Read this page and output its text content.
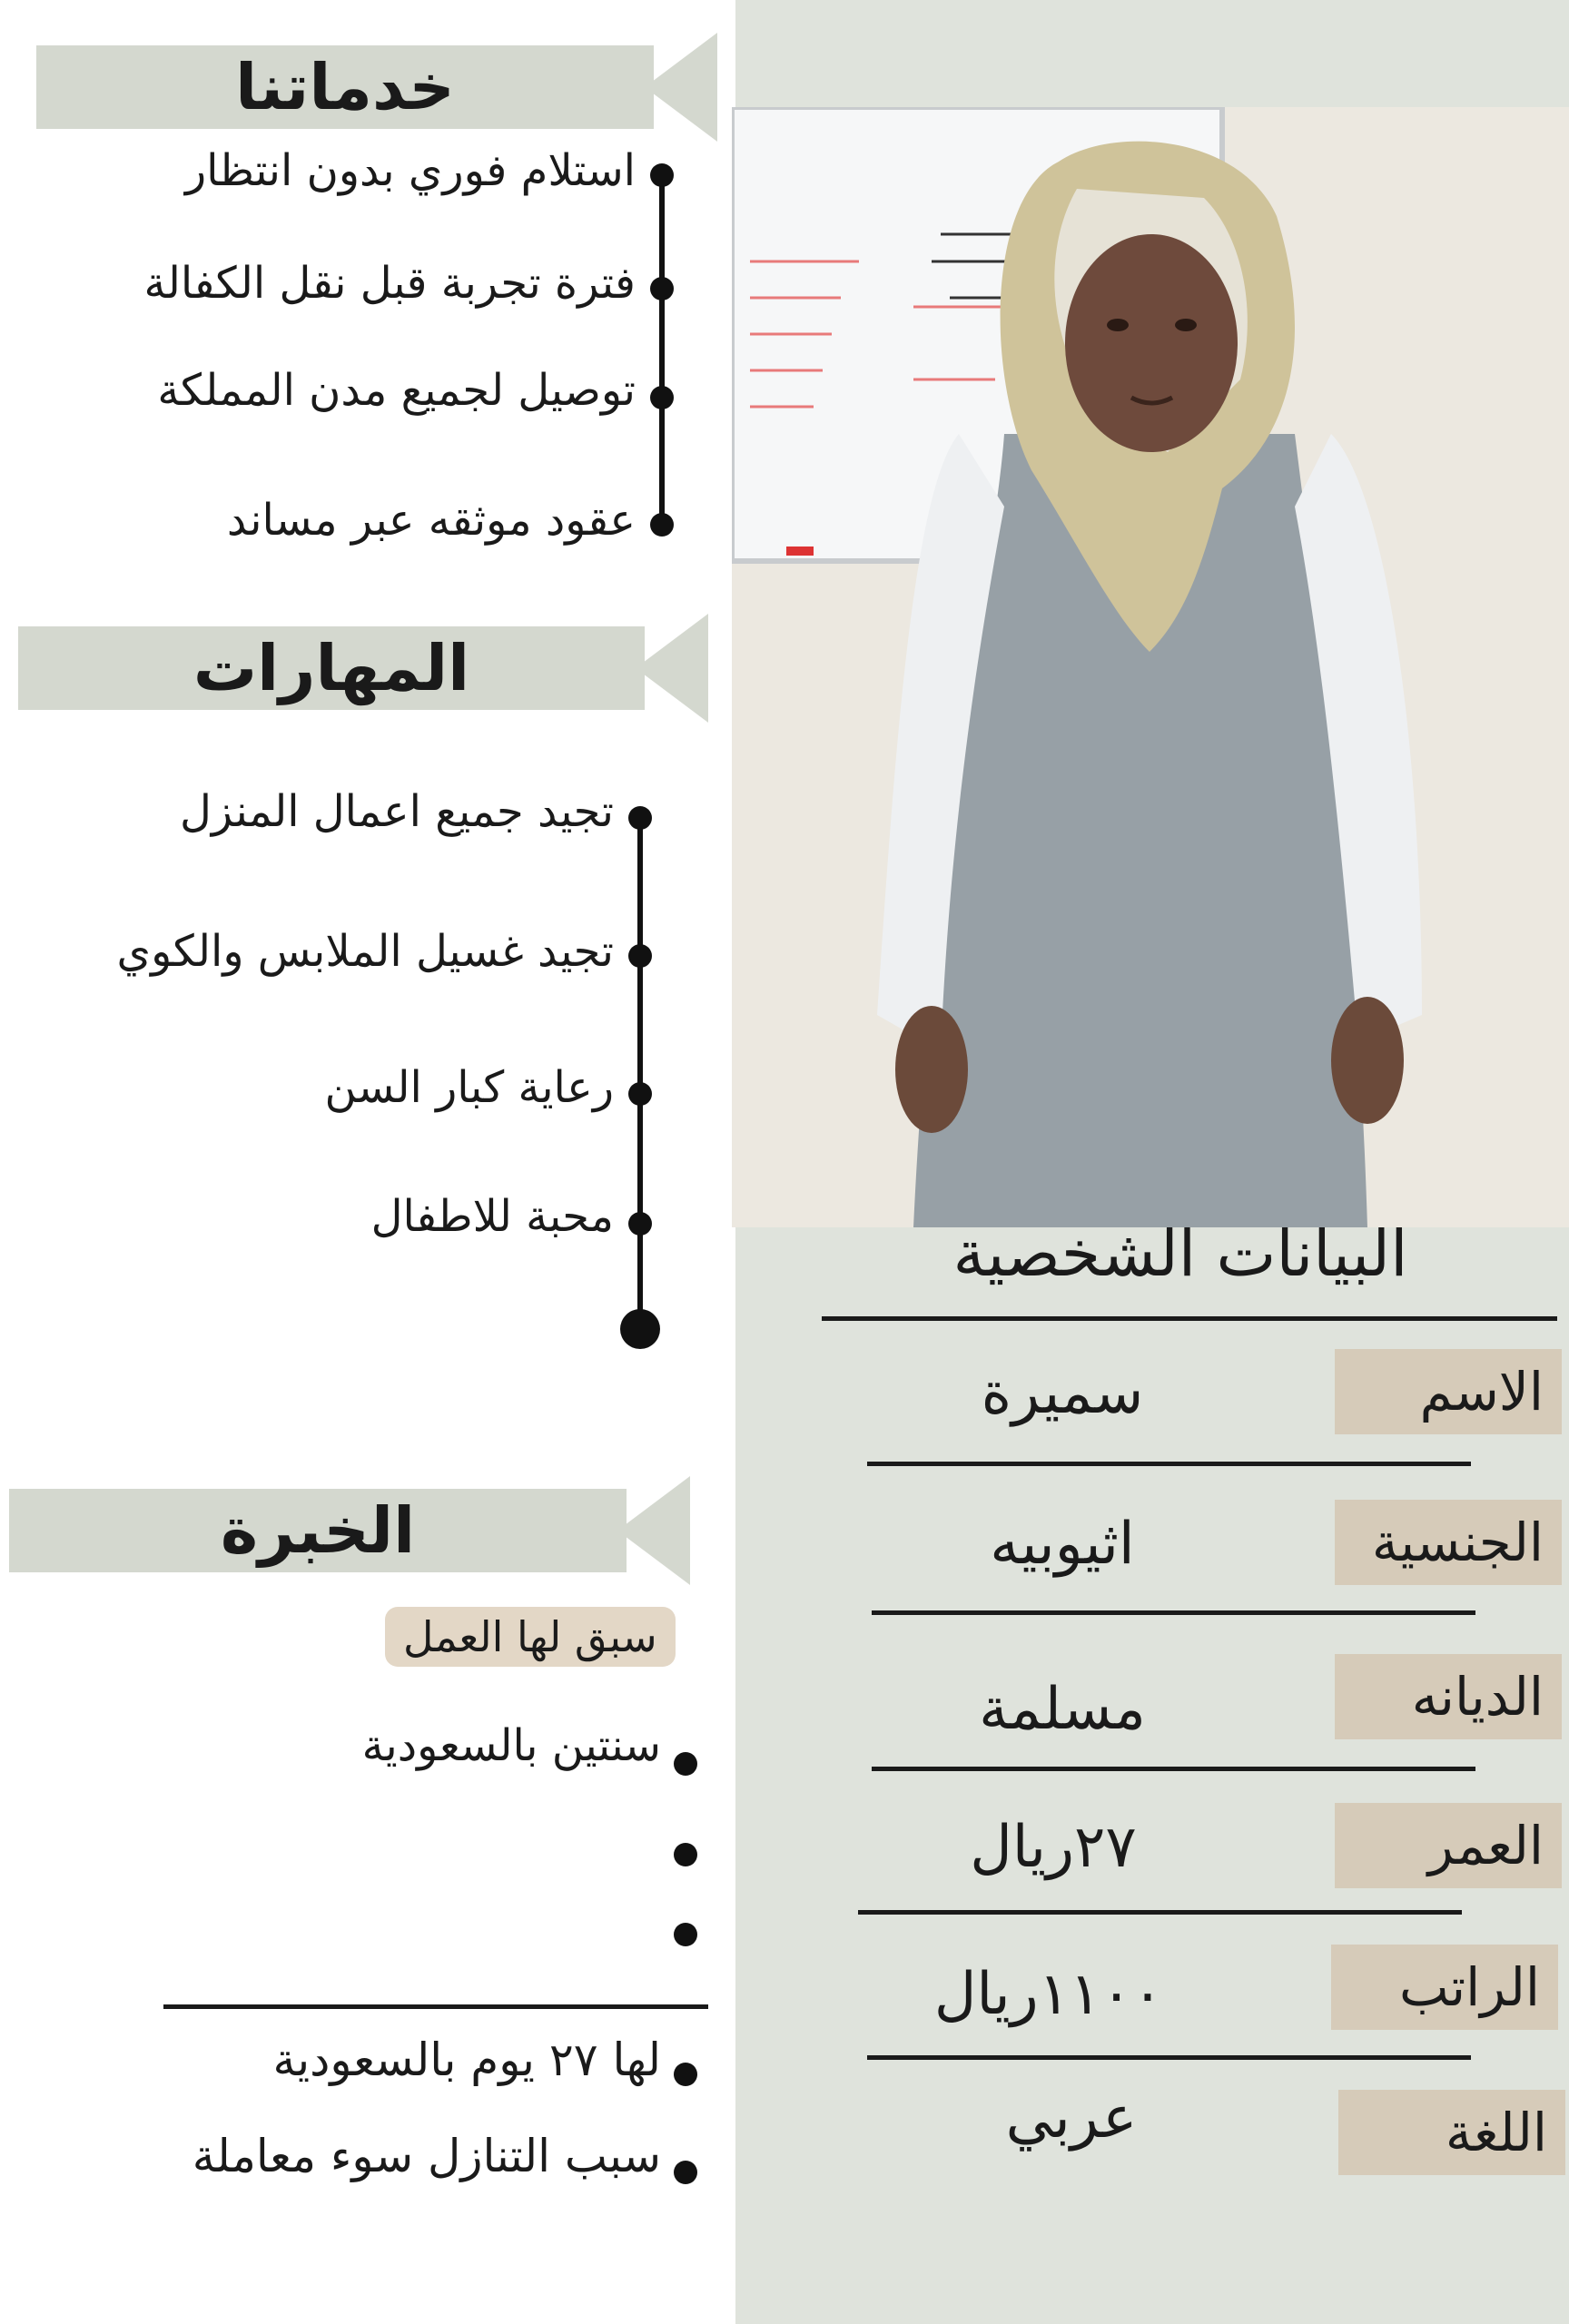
خدماتنا
استلام فوري بدون انتظار
فترة تجربة قبل نقل الكفالة
توصيل لجميع مدن المملكة
عقود موثقه عبر مساند
المهارات
تجيد جميع اعمال المنزل
تجيد غسيل الملابس والكوي
رعاية كبار السن
محبة للاطفال
الخبرة
سبق لها العمل
سنتين بالسعودية
لها ٢٧ يوم بالسعودية
سبب التنازل سوء معاملة
البيانات الشخصية
الاسم
سميرة
الجنسية
اثيوبيه
الديانه
مسلمة
العمر
٢٧ريال
الراتب
١١٠٠ريال
اللغة
عربي
